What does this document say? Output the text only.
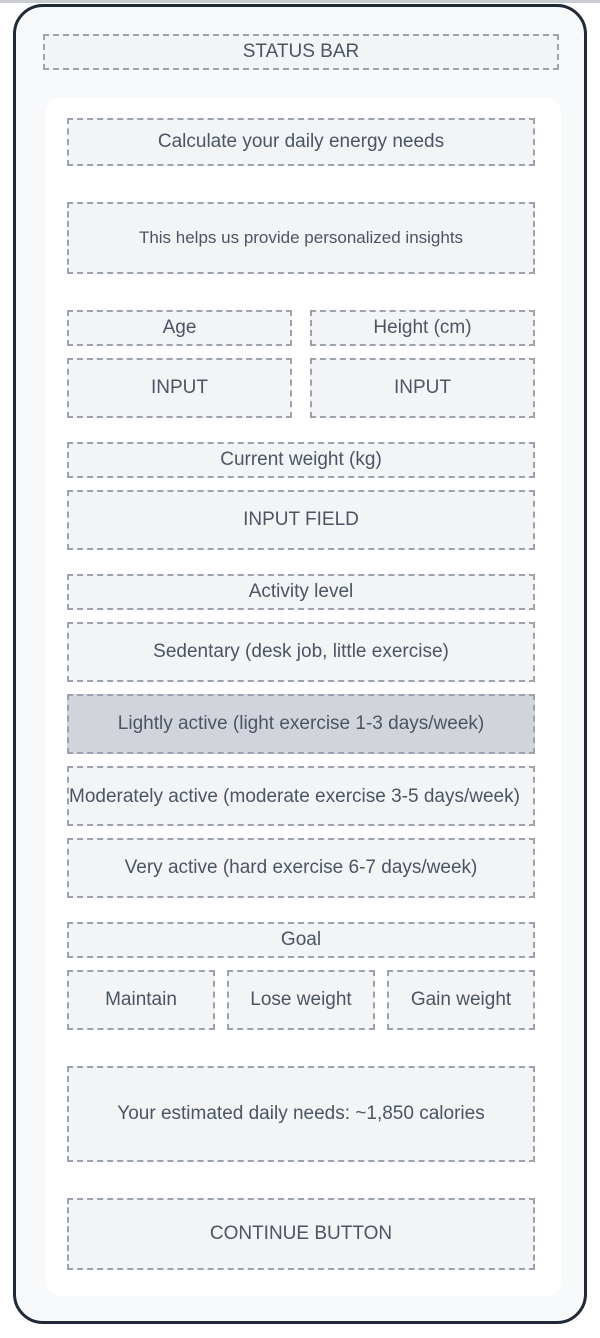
STATUS BAR
Calculate your daily energy needs
This helps us provide personalized insights
Age	Height (cm)
INPUT	INPUT
Current weight (kg)
INPUT FIELD
Activity level
Sedentary (desk job, little exercise)
Lightly active (light exercise 1-3 days/week)
Moderately active (moderate exercise 3-5 days/week)
Very active (hard exercise 6-7 days/week)
Goal
Maintain	Lose weight	Gain weight
Your estimated daily needs: ~1,850 calories
CONTINUE BUTTON
